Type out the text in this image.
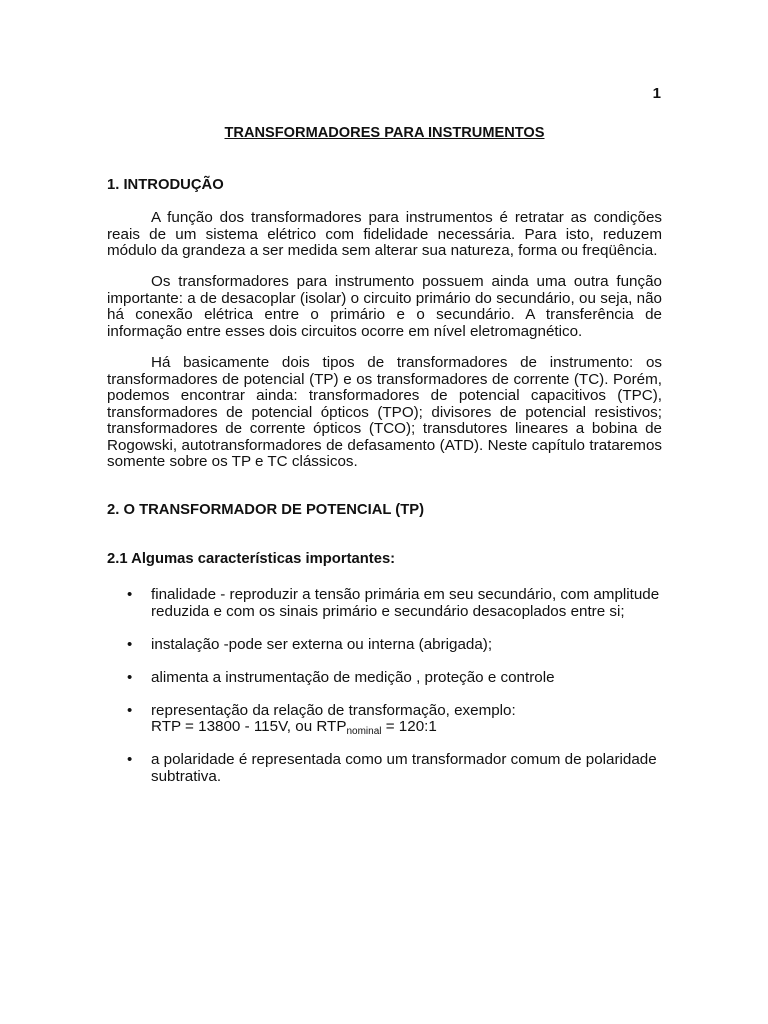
1
TRANSFORMADORES PARA INSTRUMENTOS
1. INTRODUÇÃO

A função dos transformadores para instrumentos é retratar as condições reais de um sistema elétrico com fidelidade necessária. Para isto, reduzem módulo da grandeza a ser medida sem alterar sua natureza, forma ou freqüência.

Os transformadores para instrumento possuem ainda uma outra função importante: a de desacoplar (isolar) o circuito primário do secundário, ou seja, não há conexão elétrica entre o primário e o secundário. A transferência de informação entre esses dois circuitos ocorre em nível eletromagnético.

Há basicamente dois tipos de transformadores de instrumento: os transformadores de potencial (TP) e os transformadores de corrente (TC). Porém, podemos encontrar ainda: transformadores de potencial capacitivos (TPC), transformadores de potencial ópticos (TPO); divisores de potencial resistivos; transformadores de corrente ópticos (TCO); transdutores lineares a bobina de Rogowski, autotransformadores de defasamento (ATD). Neste capítulo trataremos somente sobre os TP e TC clássicos.

2. O TRANSFORMADOR DE POTENCIAL (TP)
2.1 Algumas características importantes:
• finalidade - reproduzir a tensão primária em seu secundário, com amplitude reduzida e com os sinais primário e secundário desacoplados entre si;
• instalação -pode ser externa ou interna (abrigada);
• alimenta a instrumentação de medição , proteção e controle
• representação da relação de transformação, exemplo:
RTP = 13800 - 115V, ou $RTP_{nominal}$ = 120:1
• a polaridade é representada como um transformador comum de polaridade subtrativa.
